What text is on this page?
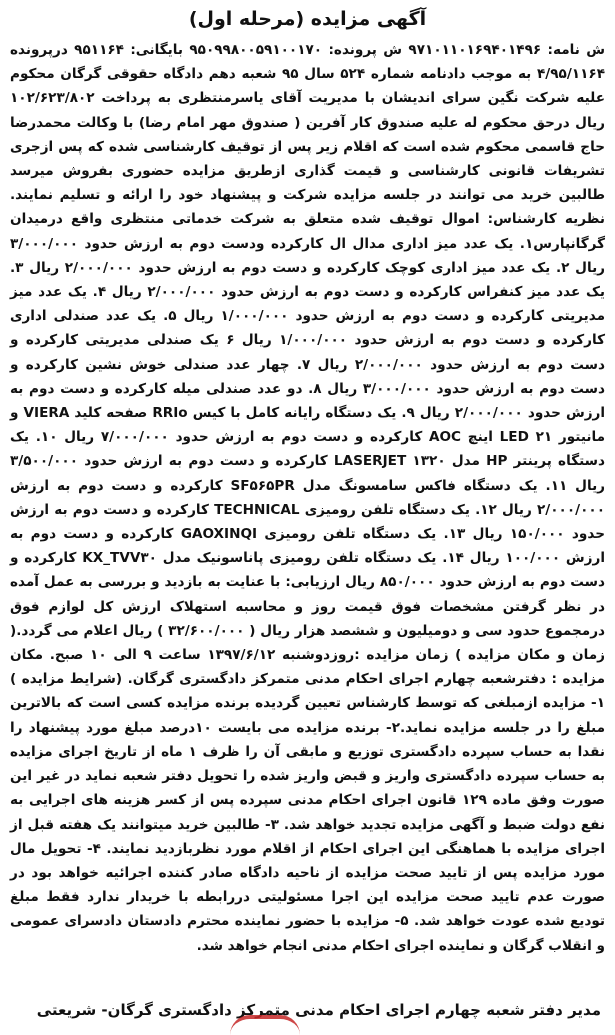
آگهی مزایده (مرحله اول)
ش نامه: ۹۷۱۰۱۱۰۱۶۹۴۰۱۴۹۶ ش پرونده: ۹۵۰۹۹۸۰۰۵۹۱۰۰۱۷۰ بایگانی: ۹۵۱۱۶۴ درپرونده ۴/۹۵/۱۱۶۴ به موجب دادنامه شماره ۵۲۴ سال ۹۵ شعبه دهم دادگاه حقوقی گرگان محکوم علیه شرکت نگین سرای اندیشان با مدیریت آقای یاسرمنتظری به پرداخت ۱۰۲/۶۲۳/۸۰۲ ریال درحق محکوم له علیه صندوق کار آفرین ( صندوق مهر امام رضا) با وکالت محمدرضا حاج قاسمی محکوم شده است که اقلام زیر پس از توقیف کارشناسی شده که پس ازجری تشریفات قانونی کارشناسی و قیمت گذاری ازطریق مزایده حضوری بفروش میرسد طالبین خرید می توانند در جلسه مزایده شرکت و پیشنهاد خود را ارائه و تسلیم نمایند. نظریه کارشناس: اموال توقیف شده متعلق به شرکت خدماتی منتظری واقع درمیدان گرگانپارس۱. یک عدد میز اداری مدال ال کارکرده ودست دوم به ارزش حدود ۳/۰۰۰/۰۰۰ ریال ۲. یک عدد میز اداری کوچک کارکرده و دست دوم به ارزش حدود ۲/۰۰۰/۰۰۰ ریال ۳. یک عدد میز کنفراس کارکرده و دست دوم به ارزش حدود ۲/۰۰۰/۰۰۰ ریال ۴. یک عدد میز مدیریتی کارکرده و دست دوم به ارزش حدود ۱/۰۰۰/۰۰۰ ریال ۵. یک عدد صندلی اداری کارکرده و دست دوم به ارزش حدود ۱/۰۰۰/۰۰۰ ریال ۶ یک صندلی مدیریتی کارکرده و دست دوم به ارزش حدود ۲/۰۰۰/۰۰۰ ریال ۷. چهار عدد صندلی خوش نشین کارکرده و دست دوم به ارزش حدود ۳/۰۰۰/۰۰۰ ریال ۸. دو عدد صندلی میله کارکرده و دست دوم به ارزش حدود ۲/۰۰۰/۰۰۰ ریال ۹. یک دستگاه رایانه کامل با کیس RRIo صفحه کلید VIERA و مانیتور LED ۲۱ اینچ AOC کارکرده و دست دوم به ارزش حدود ۷/۰۰۰/۰۰۰ ریال ۱۰. یک دستگاه پرینتر HP مدل LASERJET ۱۳۲۰ کارکرده و دست دوم به ارزش حدود ۳/۵۰۰/۰۰۰ ریال ۱۱. یک دستگاه فاکس سامسونگ مدل SF۵۶۵PR کارکرده و دست دوم به ارزش ۲/۰۰۰/۰۰۰ ریال ۱۲. یک دستگاه تلفن رومیزی TECHNICAL کارکرده و دست دوم به ارزش حدود ۱۵۰/۰۰۰ ریال ۱۳. یک دستگاه تلفن رومیزی GAOXINQI کارکرده و دست دوم به ارزش ۱۰۰/۰۰۰ ریال ۱۴. یک دستگاه تلفن رومیزی پاناسونیک مدل KX_TVV۳۰ کارکرده و دست دوم به ارزش حدود ۸۵۰/۰۰۰ ریال ارزیابی: با عنایت به بازدید و بررسی به عمل آمده در نظر گرفتن مشخصات فوق قیمت روز و محاسبه استهلاک ارزش کل لوازم فوق درمجموع حدود سی و دومیلیون و ششصد هزار ریال ( ۳۲/۶۰۰/۰۰۰ ) ریال اعلام می گردد.( زمان و مکان مزایده ) زمان مزایده :روزدوشنبه ۱۳۹۷/۶/۱۲ ساعت ۹ الی ۱۰ صبح. مکان مزایده : دفترشعبه چهارم اجرای احکام مدنی متمرکز دادگستری گرگان. (شرایط مزایده ) ۱- مزایده ازمبلغی که توسط کارشناس تعیین گردیده برنده مزایده کسی است که بالاترین مبلغ را در جلسه مزایده نماید.۲- برنده مزایده می بایست ۱۰درصد مبلغ مورد پیشنهاد را نقدا به حساب سپرده دادگستری توزیع و مابقی آن را ظرف ۱ ماه از تاریخ اجرای مزایده به حساب سپرده دادگستری واریز و قبض واریز شده را تحویل دفتر شعبه نماید در غیر این صورت وفق ماده ۱۲۹ قانون اجرای احکام مدنی سپرده پس از کسر هزینه های اجرایی به نفع دولت ضبط و آگهی مزایده تجدید خواهد شد. ۳- طالبین خرید میتوانند یک هفته قبل از اجرای مزایده با هماهنگی این اجرای احکام از اقلام مورد نظربازدید نمایند. ۴- تحویل مال مورد مزایده پس از تایید صحت مزایده از ناحیه دادگاه صادر کننده اجرائیه خواهد بود در صورت عدم تایید صحت مزایده این اجرا مسئولیتی دررابطه با خریدار ندارد فقط مبلغ تودیع شده عودت خواهد شد. ۵- مزایده با حضور نماینده محترم دادستان دادسرای عمومی و انقلاب گرگان و نماینده اجرای احکام مدنی انجام خواهد شد.
مدیر دفتر شعبه چهارم اجرای احکام مدنی متمرکز دادگستری گرگان- شریعتی
